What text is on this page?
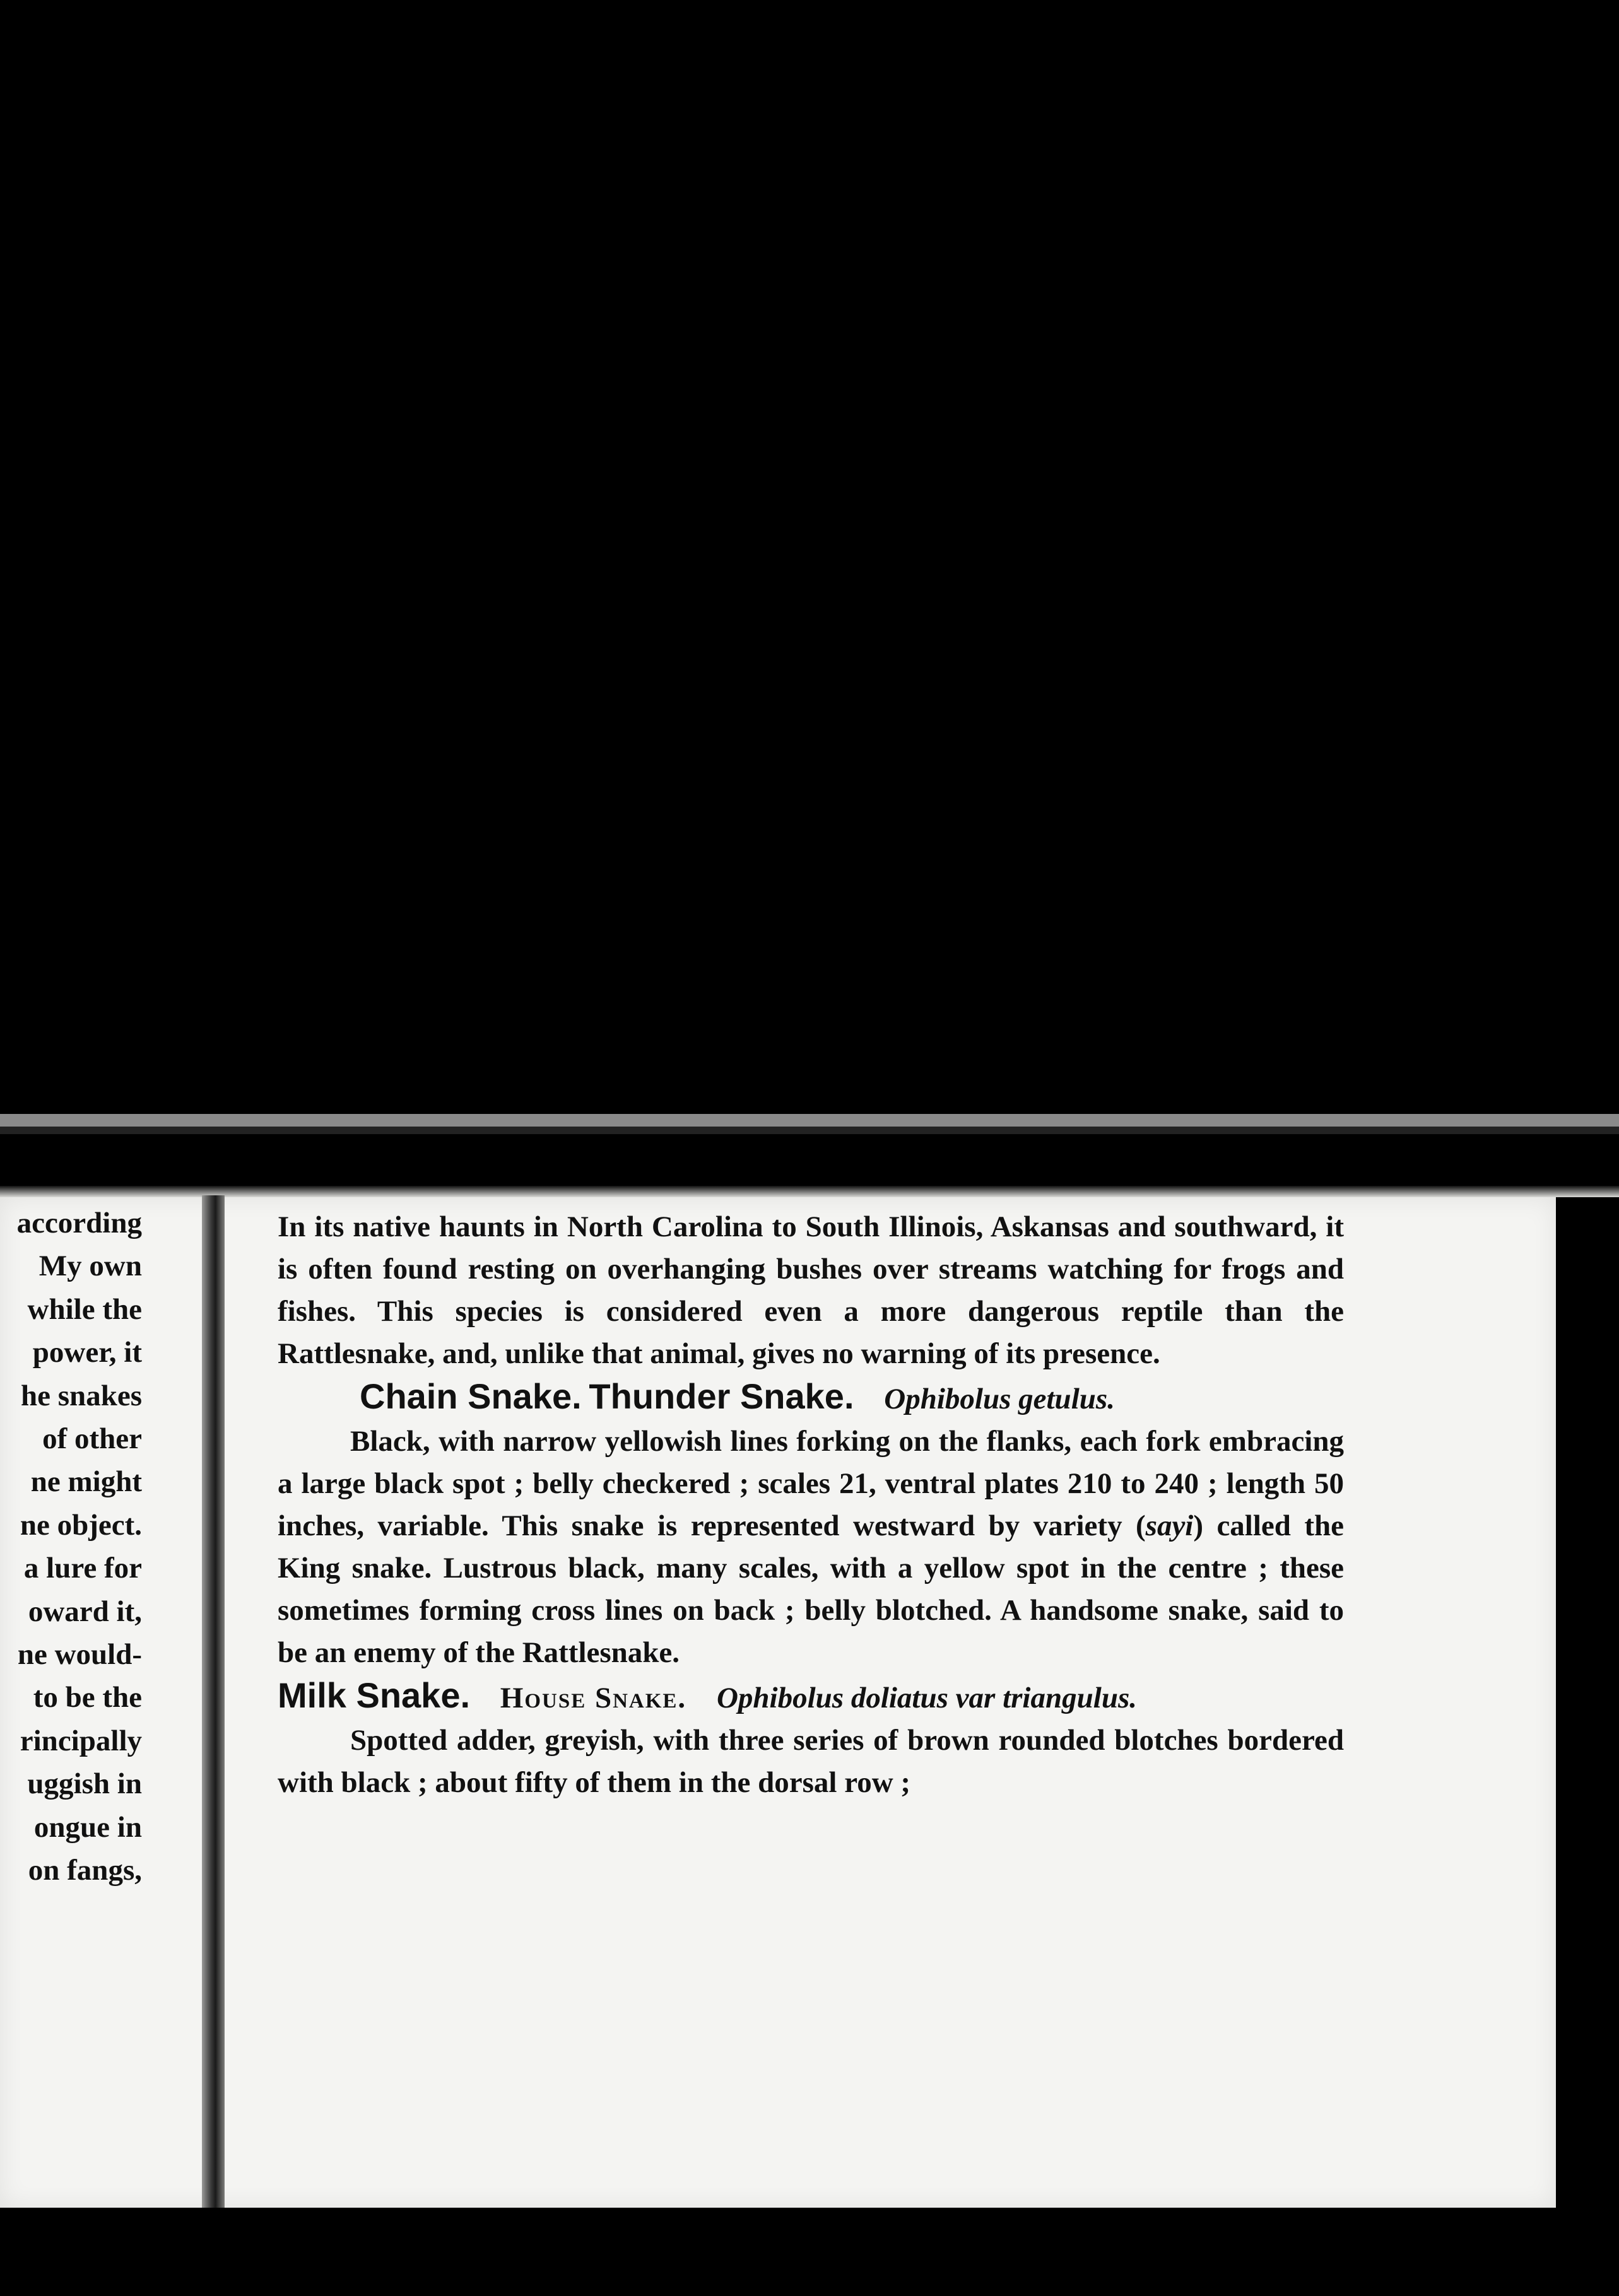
according
My own
while the
power, it
he snakes
of other
ne might
ne object.
a lure for
oward it,
ne would-
to be the
rincipally
uggish in
ongue in
on fangs,

In its native haunts in North Carolina to South Illinois, Askansas and southward, it is often found resting on overhanging bushes over streams watching for frogs and fishes. This species is considered even a more dangerous reptile than the Rattlesnake, and, unlike that animal, gives no warning of its presence.

Chain Snake. Thunder Snake. Ophibolus getulus.

Black, with narrow yellowish lines forking on the flanks, each fork embracing a large black spot ; belly checkered ; scales 21, ventral plates 210 to 240 ; length 50 inches, variable. This snake is represented westward by variety (sayi) called the King snake. Lustrous black, many scales, with a yellow spot in the centre ; these sometimes forming cross lines on back ; belly blotched. A handsome snake, said to be an enemy of the Rattlesnake.

Milk Snake. House Snake. Ophibolus doliatus var triangulus.

Spotted adder, greyish, with three series of brown rounded blotches bordered with black ; about fifty of them in the dorsal row ;
